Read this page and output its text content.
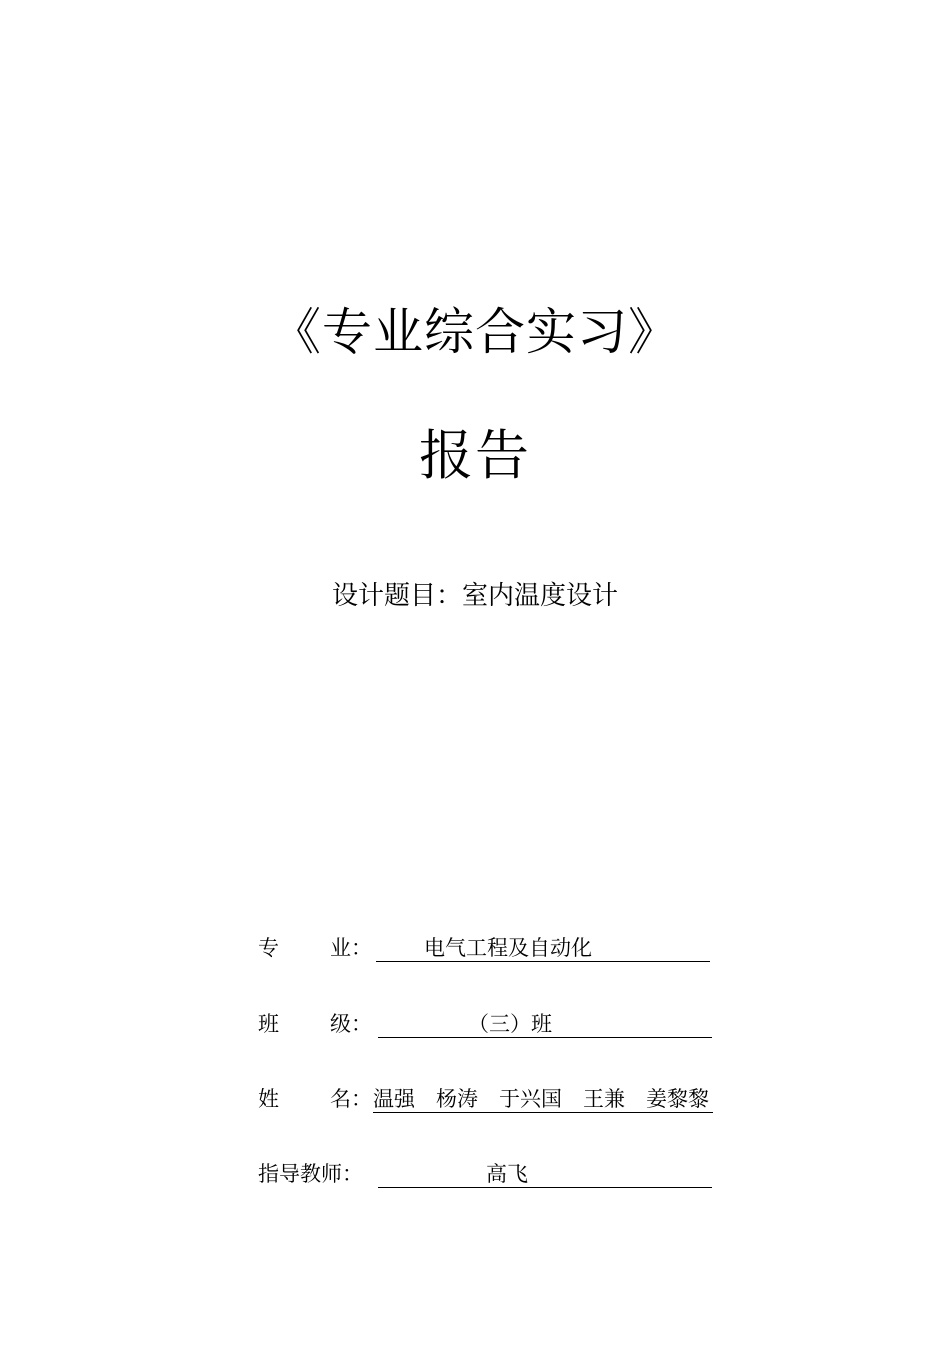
《专业综合实习》
报告
设计题目：室内温度设计
专 业： 电气工程及自动化
班 级：	（三）班
姓 名： 温强　杨涛　于兴国　王兼　姜黎黎
指导教师：	高飞
